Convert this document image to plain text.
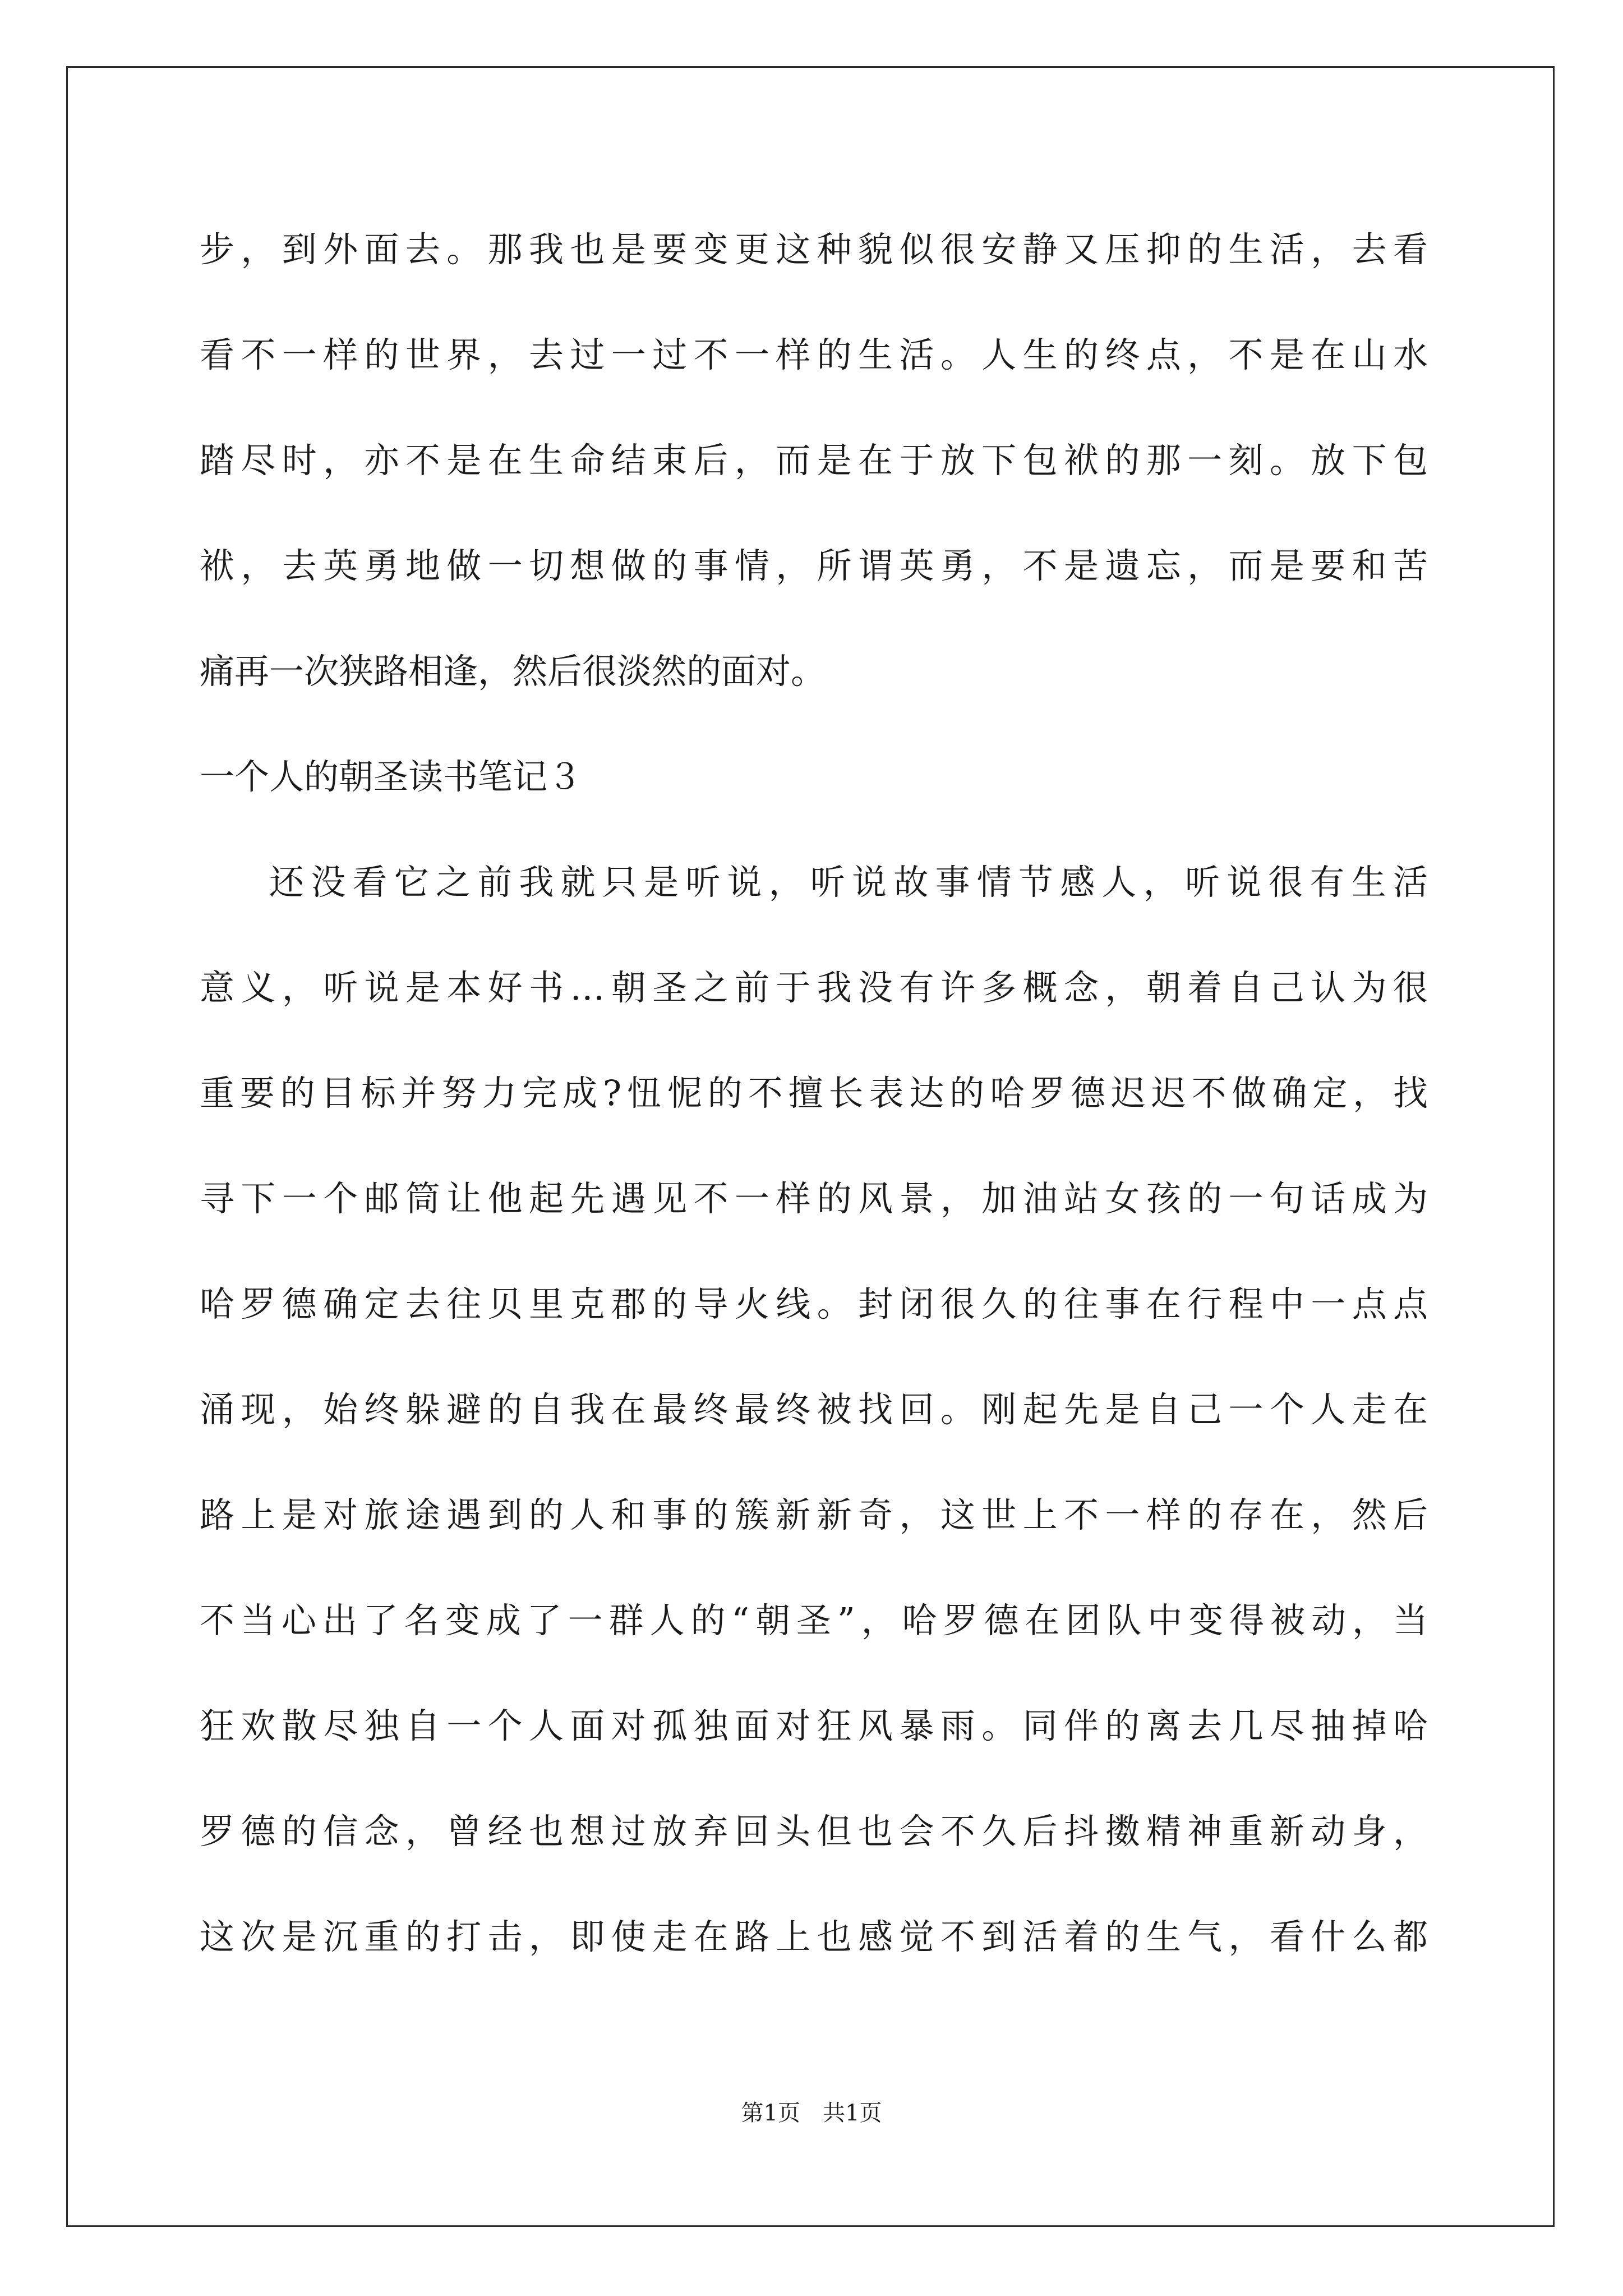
步，到外面去。那我也是要变更这种貌似很安静又压抑的生活，去看
看不一样的世界，去过一过不一样的生活。人生的终点，不是在山水
踏尽时，亦不是在生命结束后，而是在于放下包袱的那一刻。放下包
袱，去英勇地做一切想做的事情，所谓英勇，不是遗忘，而是要和苦
痛再一次狭路相逢，然后很淡然的面对。
一个人的朝圣读书笔记３
还没看它之前我就只是听说，听说故事情节感人，听说很有生活
意义，听说是本好书…朝圣之前于我没有许多概念，朝着自己认为很
重要的目标并努力完成?忸怩的不擅长表达的哈罗德迟迟不做确定，找
寻下一个邮筒让他起先遇见不一样的风景，加油站女孩的一句话成为
哈罗德确定去往贝里克郡的导火线。封闭很久的往事在行程中一点点
涌现，始终躲避的自我在最终最终被找回。刚起先是自己一个人走在
路上是对旅途遇到的人和事的簇新新奇，这世上不一样的存在，然后
不当心出了名变成了一群人的“朝圣”，哈罗德在团队中变得被动，当
狂欢散尽独自一个人面对孤独面对狂风暴雨。同伴的离去几尽抽掉哈
罗德的信念，曾经也想过放弃回头但也会不久后抖擞精神重新动身，
这次是沉重的打击，即使走在路上也感觉不到活着的生气，看什么都
第1页　共1页
